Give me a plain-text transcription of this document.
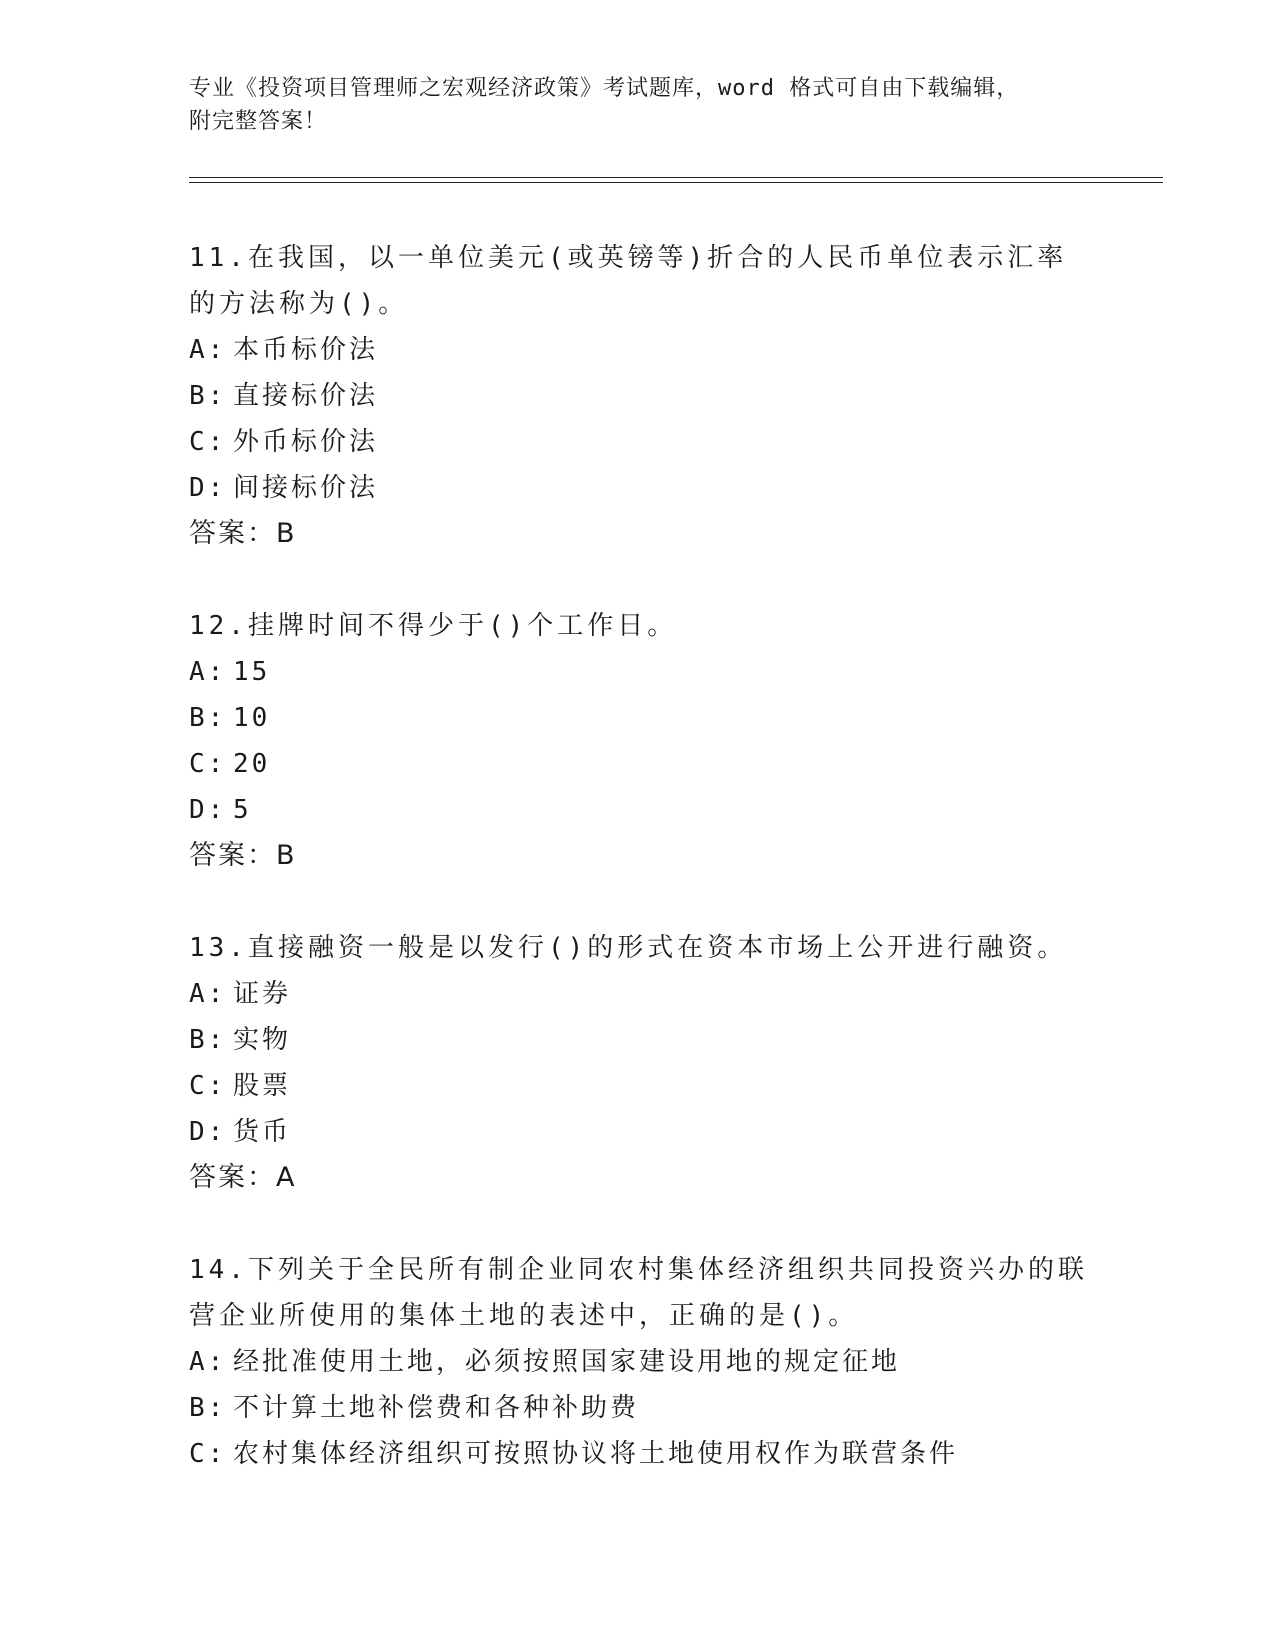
专业《投资项目管理师之宏观经济政策》考试题库，word 格式可自由下载编辑，
附完整答案！

11.在我国，以一单位美元(或英镑等)折合的人民币单位表示汇率的方法称为()。

A: 本币标价法

B: 直接标价法

C: 外币标价法

D: 间接标价法

答案：B

12.挂牌时间不得少于()个工作日。

A: 15

B: 10

C: 20

D: 5

答案：B

13.直接融资一般是以发行()的形式在资本市场上公开进行融资。

A: 证券

B: 实物

C: 股票

D: 货币

答案：A

14.下列关于全民所有制企业同农村集体经济组织共同投资兴办的联营企业所使用的集体土地的表述中，正确的是()。

A: 经批准使用土地，必须按照国家建设用地的规定征地

B: 不计算土地补偿费和各种补助费

C: 农村集体经济组织可按照协议将土地使用权作为联营条件
